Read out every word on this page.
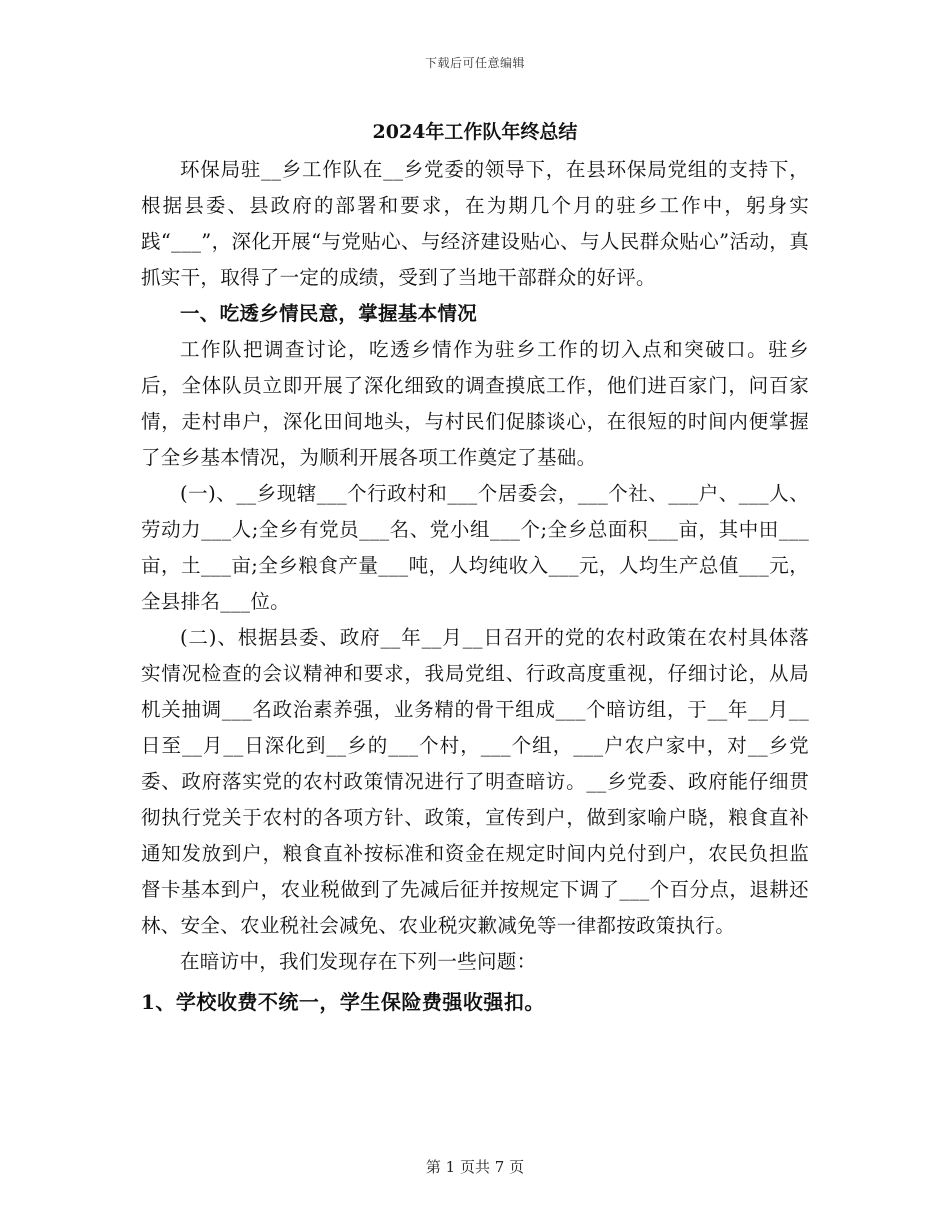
下载后可任意编辑
2024年工作队年终总结

环保局驻__乡工作队在__乡党委的领导下，在县环保局党组的支持下，根据县委、县政府的部署和要求，在为期几个月的驻乡工作中，躬身实践“___”，深化开展“与党贴心、与经济建设贴心、与人民群众贴心”活动，真抓实干，取得了一定的成绩，受到了当地干部群众的好评。

一、吃透乡情民意，掌握基本情况

工作队把调查讨论，吃透乡情作为驻乡工作的切入点和突破口。驻乡后，全体队员立即开展了深化细致的调查摸底工作，他们进百家门，问百家情，走村串户，深化田间地头，与村民们促膝谈心，在很短的时间内便掌握了全乡基本情况，为顺利开展各项工作奠定了基础。

(一)、__乡现辖___个行政村和___个居委会，___个社、___户、___人、劳动力___人;全乡有党员___名、党小组___个;全乡总面积___亩，其中田___亩，土___亩;全乡粮食产量___吨，人均纯收入___元，人均生产总值___元，全县排名___位。

(二)、根据县委、政府__年__月__日召开的党的农村政策在农村具体落实情况检查的会议精神和要求，我局党组、行政高度重视，仔细讨论，从局机关抽调___名政治素养强，业务精的骨干组成___个暗访组，于__年__月__日至__月__日深化到__乡的___个村，___个组，___户农户家中，对__乡党委、政府落实党的农村政策情况进行了明查暗访。__乡党委、政府能仔细贯彻执行党关于农村的各项方针、政策，宣传到户，做到家喻户晓，粮食直补通知发放到户，粮食直补按标准和资金在规定时间内兑付到户，农民负担监督卡基本到户，农业税做到了先减后征并按规定下调了___个百分点，退耕还林、安全、农业税社会减免、农业税灾歉减免等一律都按政策执行。

在暗访中，我们发现存在下列一些问题：

1、学校收费不统一，学生保险费强收强扣。

第 1 页共 7 页
